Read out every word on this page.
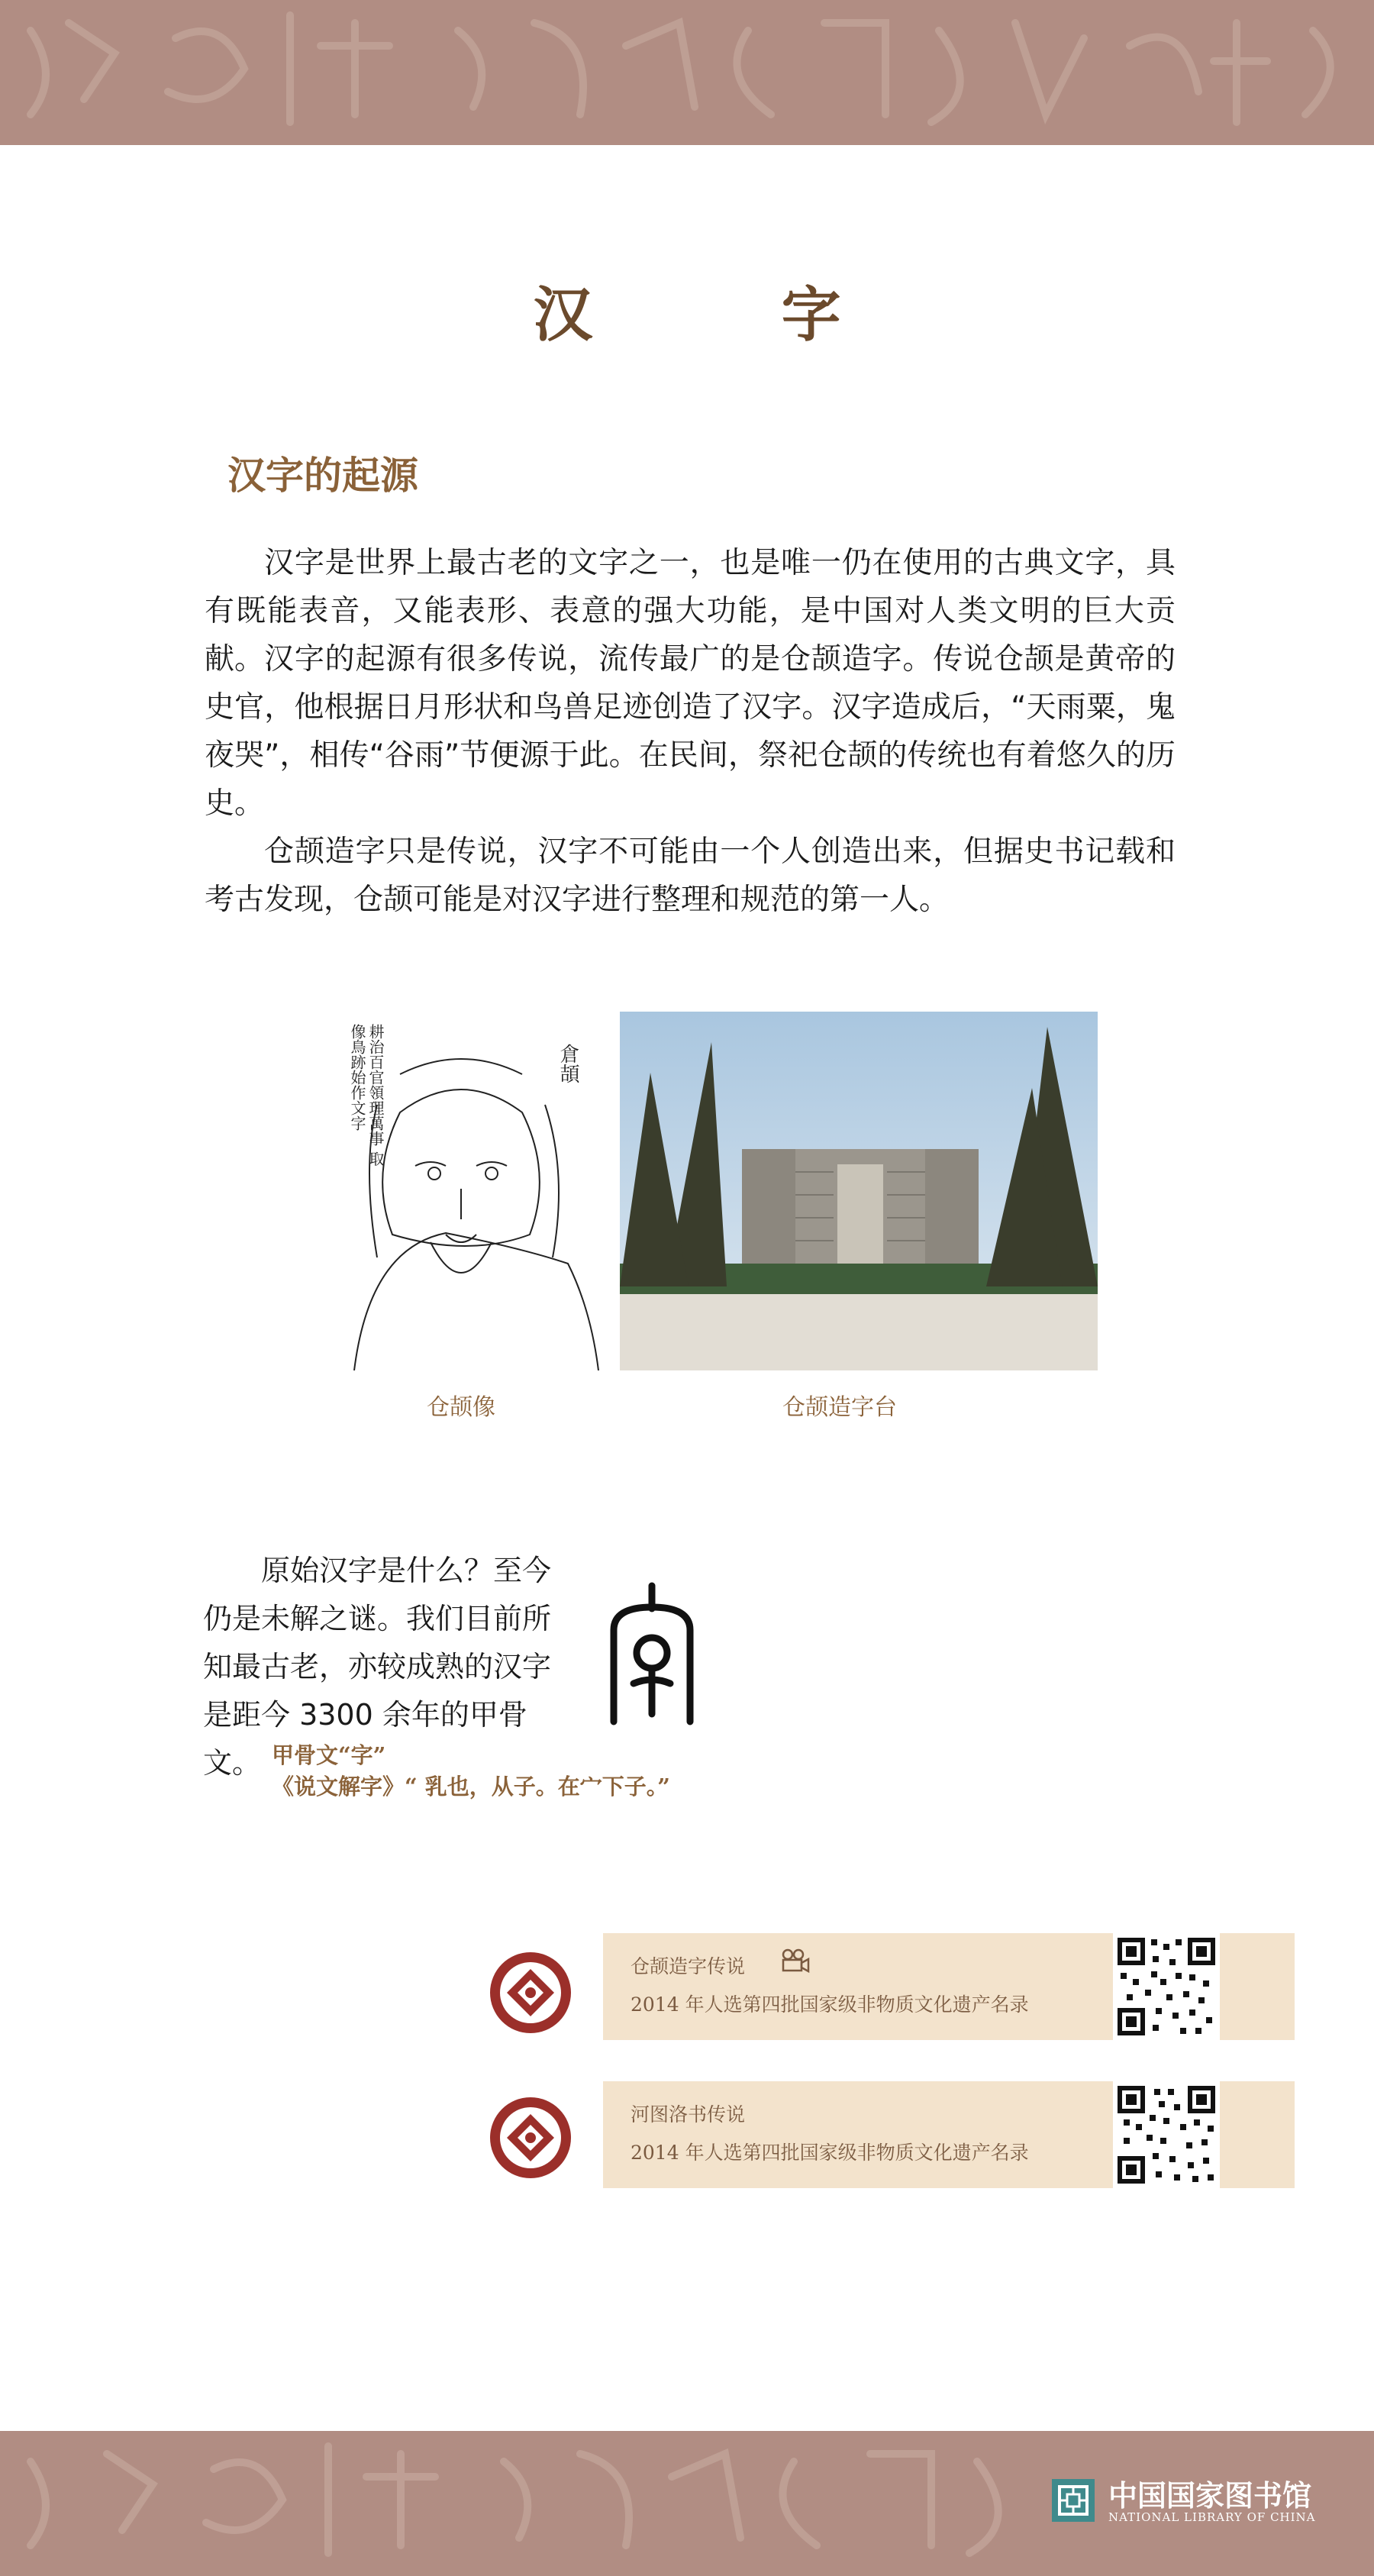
汉 字
汉字的起源

汉字是世界上最古老的文字之一，也是唯一仍在使用的古典文字，具有既能表音，又能表形、表意的强大功能，是中国对人类文明的巨大贡献。 汉字的起源有很多传说，流传最广的是仓颉造字。传说仓颉是黄帝的史官，他根据日月形状和鸟兽足迹创造了汉字。汉字造成后，“天雨粟，鬼夜哭”，相传“谷雨”节便源于此。在民间，祭祀仓颉的传统也有着悠久的历史。

仓颉造字只是传说，汉字不可能由一个人创造出来，但据史书记载和考古发现，仓颉可能是对汉字进行整理和规范的第一人。

倉頡
耕治百官領理萬事 取像鳥跡始作文字
仓颉像	仓颉造字台

原始汉字是什么？至今仍是未解之谜。我们目前所知最古老，亦较成熟的汉字是距今 3300 余年的甲骨文。 甲骨文“字”
《说文解字》“ 乳也，从子。在宀下子。”
仓颉造字传说
2014 年人选第四批国家级非物质文化遗产名录
河图洛书传说
2014 年人选第四批国家级非物质文化遗产名录
中国国家图书馆
NATIONAL LIBRARY OF CHINA
